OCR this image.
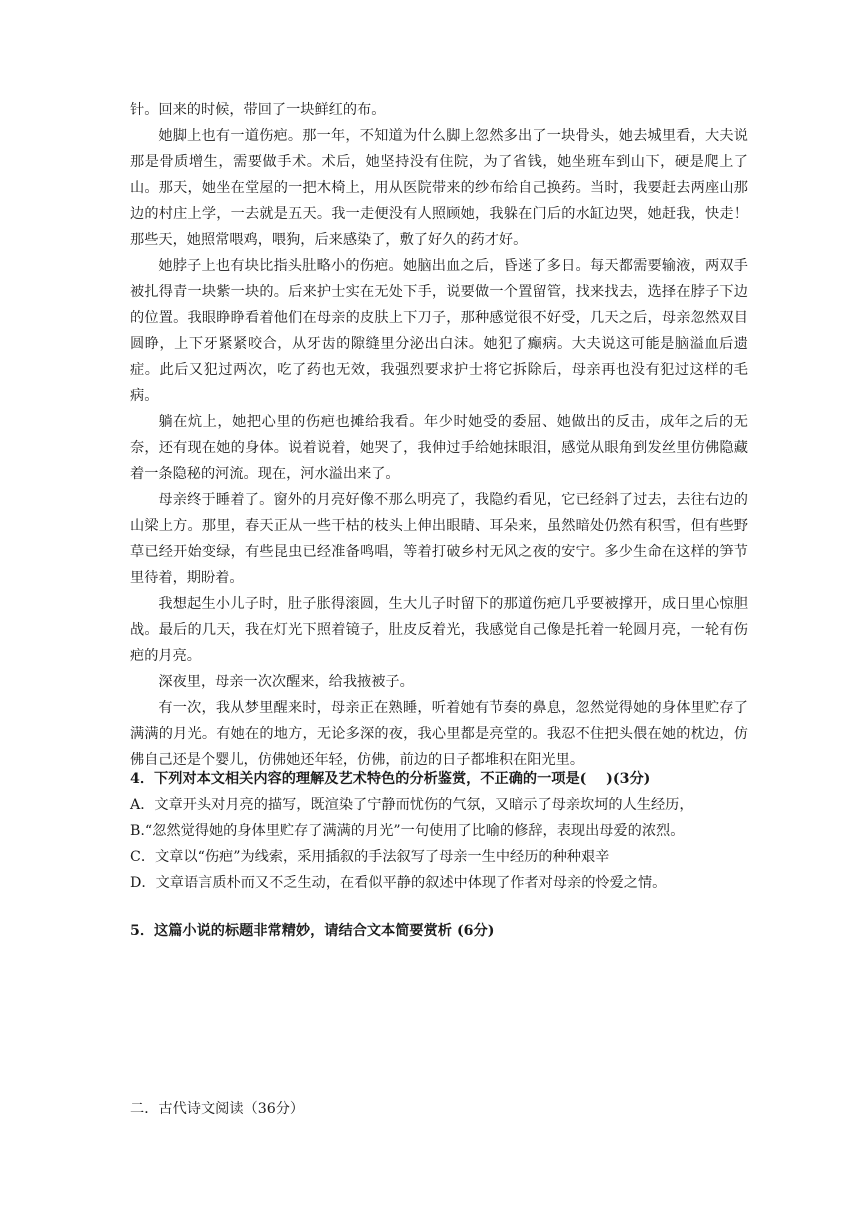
针。回来的时候，带回了一块鲜红的布。

她脚上也有一道伤疤。那一年，不知道为什么脚上忽然多出了一块骨头，她去城里看，大夫说那是骨质增生，需要做手术。术后，她坚持没有住院，为了省钱，她坐班车到山下，硬是爬上了山。那天，她坐在堂屋的一把木椅上，用从医院带来的纱布给自己换药。当时，我要赶去两座山那边的村庄上学，一去就是五天。我一走便没有人照顾她，我躲在门后的水缸边哭，她赶我，快走！那些天，她照常喂鸡，喂狗，后来感染了，敷了好久的药才好。

她脖子上也有块比指头肚略小的伤疤。她脑出血之后，昏迷了多日。每天都需要输液，两双手被扎得青一块紫一块的。后来护士实在无处下手，说要做一个置留管，找来找去，选择在脖子下边的位置。我眼睁睁看着他们在母亲的皮肤上下刀子，那种感觉很不好受，几天之后，母亲忽然双目圆睁，上下牙紧紧咬合，从牙齿的隙缝里分泌出白沫。她犯了癫病。大夫说这可能是脑溢血后遗症。此后又犯过两次，吃了药也无效，我强烈要求护士将它拆除后，母亲再也没有犯过这样的毛病。

躺在炕上，她把心里的伤疤也摊给我看。年少时她受的委屈、她做出的反击，成年之后的无奈，还有现在她的身体。说着说着，她哭了，我伸过手给她抹眼泪，感觉从眼角到发丝里仿佛隐藏着一条隐秘的河流。现在，河水溢出来了。

母亲终于睡着了。窗外的月亮好像不那么明亮了，我隐约看见，它已经斜了过去，去往右边的山梁上方。那里，春天正从一些干枯的枝头上伸出眼睛、耳朵来，虽然暗处仍然有积雪，但有些野草已经开始变绿，有些昆虫已经准备鸣唱，等着打破乡村无风之夜的安宁。多少生命在这样的笋节里待着，期盼着。

我想起生小儿子时，肚子胀得滚圆，生大儿子时留下的那道伤疤几乎要被撑开，成日里心惊胆战。最后的几天，我在灯光下照着镜子，肚皮反着光，我感觉自己像是托着一轮圆月亮，一轮有伤疤的月亮。

深夜里，母亲一次次醒来，给我掖被子。

有一次，我从梦里醒来时，母亲正在熟睡，听着她有节奏的鼻息，忽然觉得她的身体里贮存了满满的月光。有她在的地方，无论多深的夜，我心里都是亮堂的。我忍不住把头偎在她的枕边，仿佛自己还是个婴儿，仿佛她还年轻，仿佛，前边的日子都堆积在阳光里。

4．下列对本文相关内容的理解及艺术特色的分析鉴赏，不正确的一项是(    )(3分)

A．文章开头对月亮的描写，既渲染了宁静而忧伤的气氛，又暗示了母亲坎坷的人生经历，

B.“忽然觉得她的身体里贮存了满满的月光”一句使用了比喻的修辞，表现出母爱的浓烈。

C．文章以“伤疤”为线索，采用插叙的手法叙写了母亲一生中经历的种种艰辛

D．文章语言质朴而又不乏生动，在看似平静的叙述中体现了作者对母亲的怜爱之情。

5．这篇小说的标题非常精妙，请结合文本简要赏析 (6分)

二．古代诗文阅读（36分）
